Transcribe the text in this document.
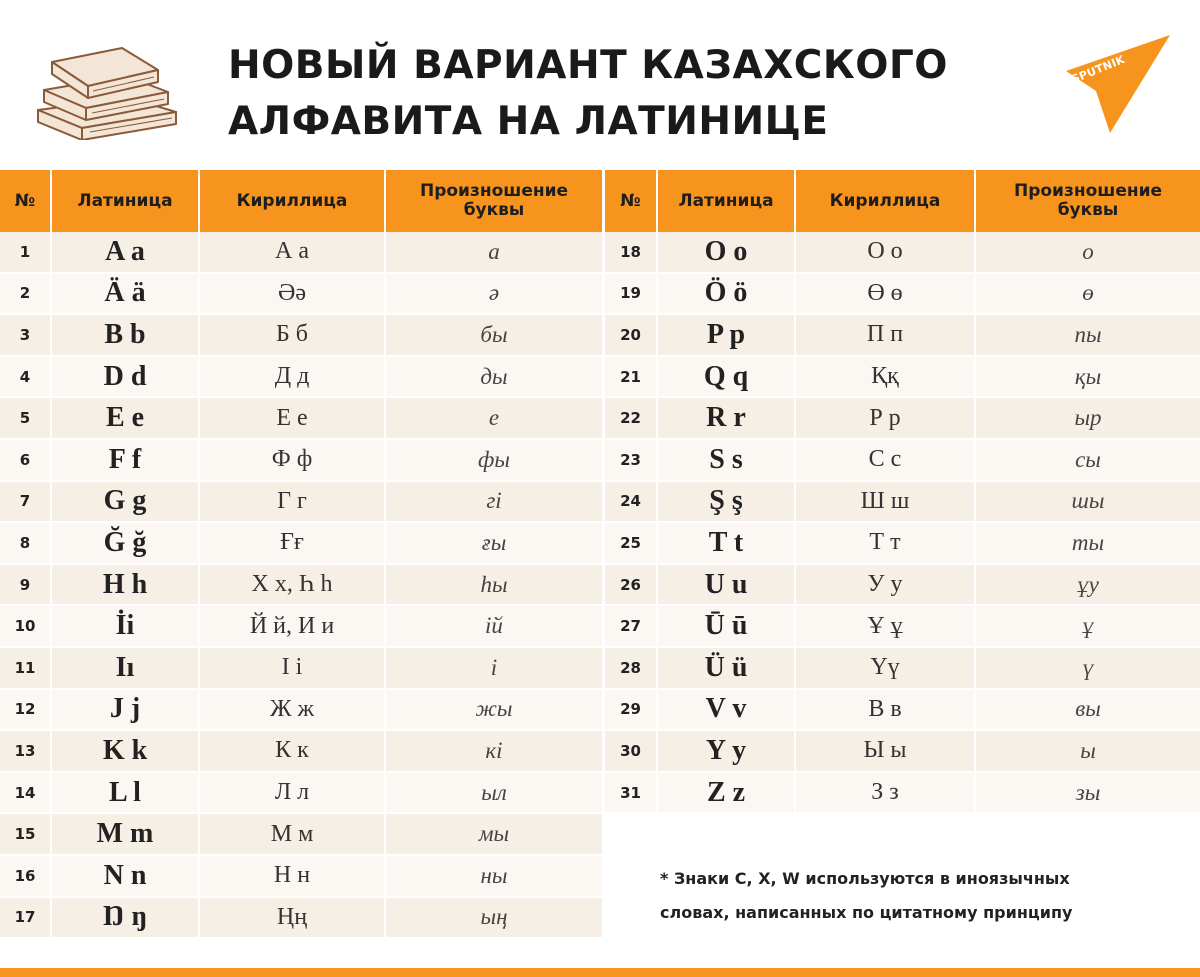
НОВЫЙ ВАРИАНТ КАЗАХСКОГО
АЛФАВИТА НА ЛАТИНИЦЕ
SPUTNIK
№	Латиница	Кириллица	Произношение
буквы
1	A a	А а	а
2	Ä ä	Әә	ә
3	B b	Б б	бы
4	D d	Д д	ды
5	E e	Е е	е
6	F f	Ф ф	фы
7	G g	Г г	гі
8	Ğ ğ	Ғғ	ғы
9	H h	Х х, Һ h	һы
10	İi	Й й, И и	ій
11	Iı	І і	і
12	J j	Ж ж	жы
13	K k	К к	кі
14	L l	Л л	ыл
15	M m	М м	мы
16	N n	Н н	ны
17	Ŋ ŋ	Ңң	ың
№	Латиница	Кириллица	Произношение
буквы
18	O o	О о	о
19	Ö ö	Ө ө	ө
20	P p	П п	пы
21	Q q	Ққ	қы
22	R r	Р р	ыр
23	S s	С с	сы
24	Ş ş	Ш ш	шы
25	T t	Т т	ты
26	U u	У у	ұу
27	Ū ū	Ұ ұ	ұ
28	Ü ü	Үү	ү
29	V v	В в	вы
30	Y y	Ы ы	ы
31	Z z	З з	зы
* Знаки C, X, W используются в иноязычных
словах, написанных по цитатному принципу
